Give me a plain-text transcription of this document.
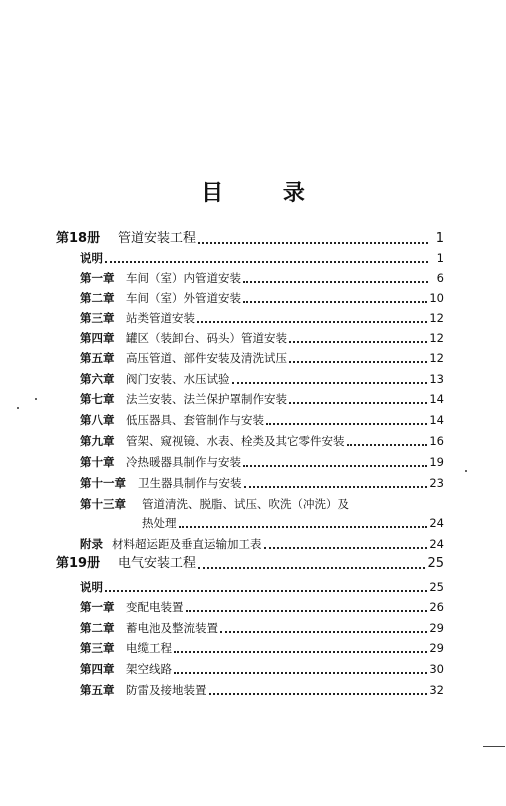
目 录
第18册 管道安装工程	1
说明	1
第一章 车间（室）内管道安装	6
第二章 车间（室）外管道安装	10
第三章 站类管道安装	12
第四章 罐区（装卸台、码头）管道安装	12
第五章 高压管道、部件安装及清洗试压	12
第六章 阀门安装、水压试验	13
第七章 法兰安装、法兰保护罩制作安装	14
第八章 低压器具、套管制作与安装	14
第九章 管架、窥视镜、水表、栓类及其它零件安装	16
第十章 冷热暖器具制作与安装	19
第十一章 卫生器具制作与安装	23
第十三章 管道清洗、脱脂、试压、吹洗（冲洗）及
热处理	24
附录 材料超运距及垂直运输加工表	24
第19册 电气安装工程	25
说明	25
第一章 变配电装置	26
第二章 蓄电池及整流装置	29
第三章 电缆工程	29
第四章 架空线路	30
第五章 防雷及接地装置	32
